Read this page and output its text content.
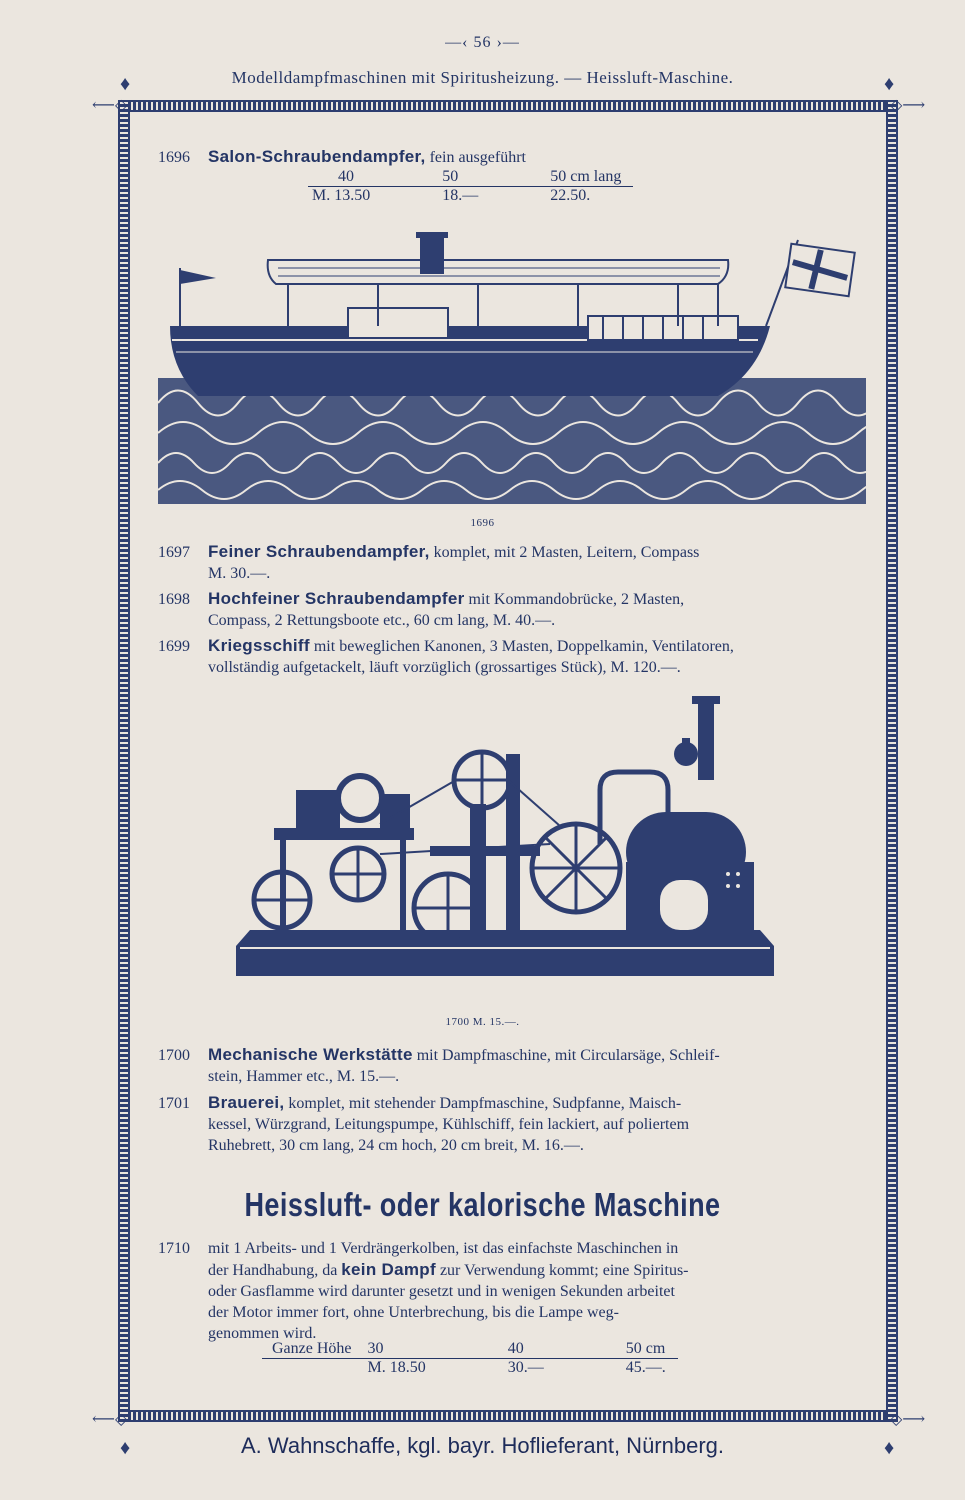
—‹ 56 ›—
Modelldampfmaschinen mit Spiritusheizung. — Heissluft-Maschine.
⟵◇	◇⟶
⟵◇	◇⟶
♦	♦
♦	♦
1696 Salon-Schraubendampfer, fein ausgeführt
40	50	50 cm lang
M. 13.50	18.—	22.50.
1696
1697 Feiner Schraubendampfer, komplet, mit 2 Masten, Leitern, Compass
M. 30.—.
1698 Hochfeiner Schraubendampfer mit Kommandobrücke, 2 Masten,
Compass, 2 Rettungsboote etc., 60 cm lang, M. 40.—.
1699 Kriegsschiff mit beweglichen Kanonen, 3 Masten, Doppelkamin, Ventilatoren,
vollständig aufgetackelt, läuft vorzüglich (grossartiges Stück), M. 120.—.
1700 M. 15.—.
1700 Mechanische Werkstätte mit Dampfmaschine, mit Circularsäge, Schleif-
stein, Hammer etc., M. 15.—.
1701 Brauerei, komplet, mit stehender Dampfmaschine, Sudpfanne, Maisch-
kessel, Würzgrand, Leitungspumpe, Kühlschiff, fein lackiert, auf poliertem
Ruhebrett, 30 cm lang, 24 cm hoch, 20 cm breit, M. 16.—.
Heissluft- oder kalorische Maschine
1710 mit 1 Arbeits- und 1 Verdrängerkolben, ist das einfachste Maschinchen in
der Handhabung, da kein Dampf zur Verwendung kommt; eine Spiritus-
oder Gasflamme wird darunter gesetzt und in wenigen Sekunden arbeitet
der Motor immer fort, ohne Unterbrechung, bis die Lampe weg-
genommen wird.
Ganze Höhe	30	40	50 cm
	M. 18.50	30.—	45.—.
A. Wahnschaffe, kgl. bayr. Hoflieferant, Nürnberg.
